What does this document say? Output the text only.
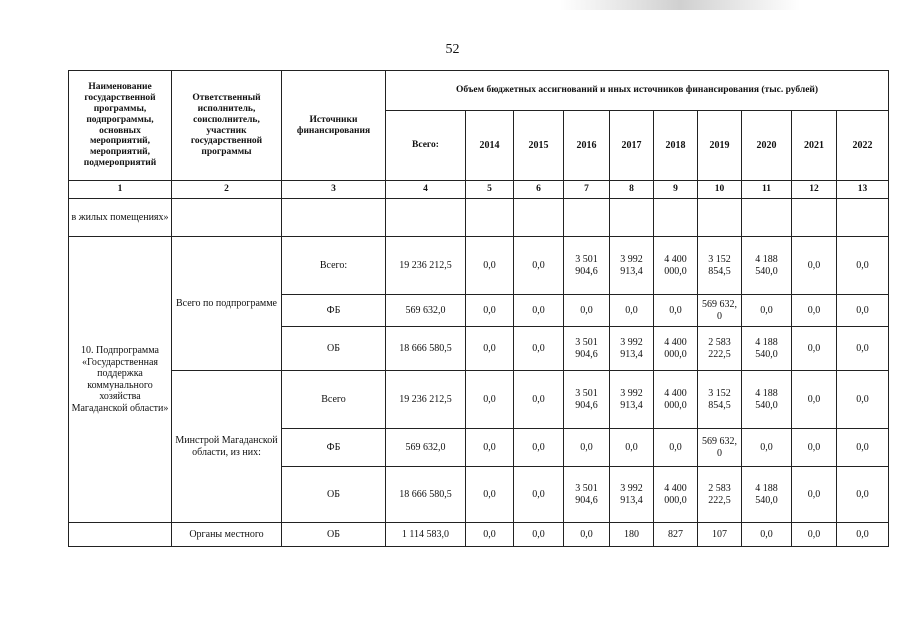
52
Наименование государственной программы, подпрограммы, основных мероприятий, мероприятий, подмероприятий	Ответственный исполнитель, соисполнитель, участник государственной программы	Источники финансирования	Объем бюджетных ассигнований и иных источников финансирования (тыс. рублей)									
			Всего:	2014	2015	2016	2017	2018	2019	2020	2021	2022
1	2	3	4	5	6	7	8	9	10	11	12	13
в жилых помещениях»												
10. Подпрограмма «Государственная поддержка коммунального хозяйства Магаданской области»	Всего по подпрограмме	Всего:	19 236 212,5	0,0	0,0	3 501 904,6	3 992 913,4	4 400 000,0	3 152 854,5	4 188 540,0	0,0	0,0
		ФБ	569 632,0	0,0	0,0	0,0	0,0	0,0	569 632, 0	0,0	0,0	0,0
		ОБ	18 666 580,5	0,0	0,0	3 501 904,6	3 992 913,4	4 400 000,0	2 583 222,5	4 188 540,0	0,0	0,0
	Минстрой Магаданской области, из них:	Всего	19 236 212,5	0,0	0,0	3 501 904,6	3 992 913,4	4 400 000,0	3 152 854,5	4 188 540,0	0,0	0,0
		ФБ	569 632,0	0,0	0,0	0,0	0,0	0,0	569 632, 0	0,0	0,0	0,0
		ОБ	18 666 580,5	0,0	0,0	3 501 904,6	3 992 913,4	4 400 000,0	2 583 222,5	4 188 540,0	0,0	0,0
	Органы местного	ОБ	1 114 583,0	0,0	0,0	0,0	180	827	107	0,0	0,0	0,0
